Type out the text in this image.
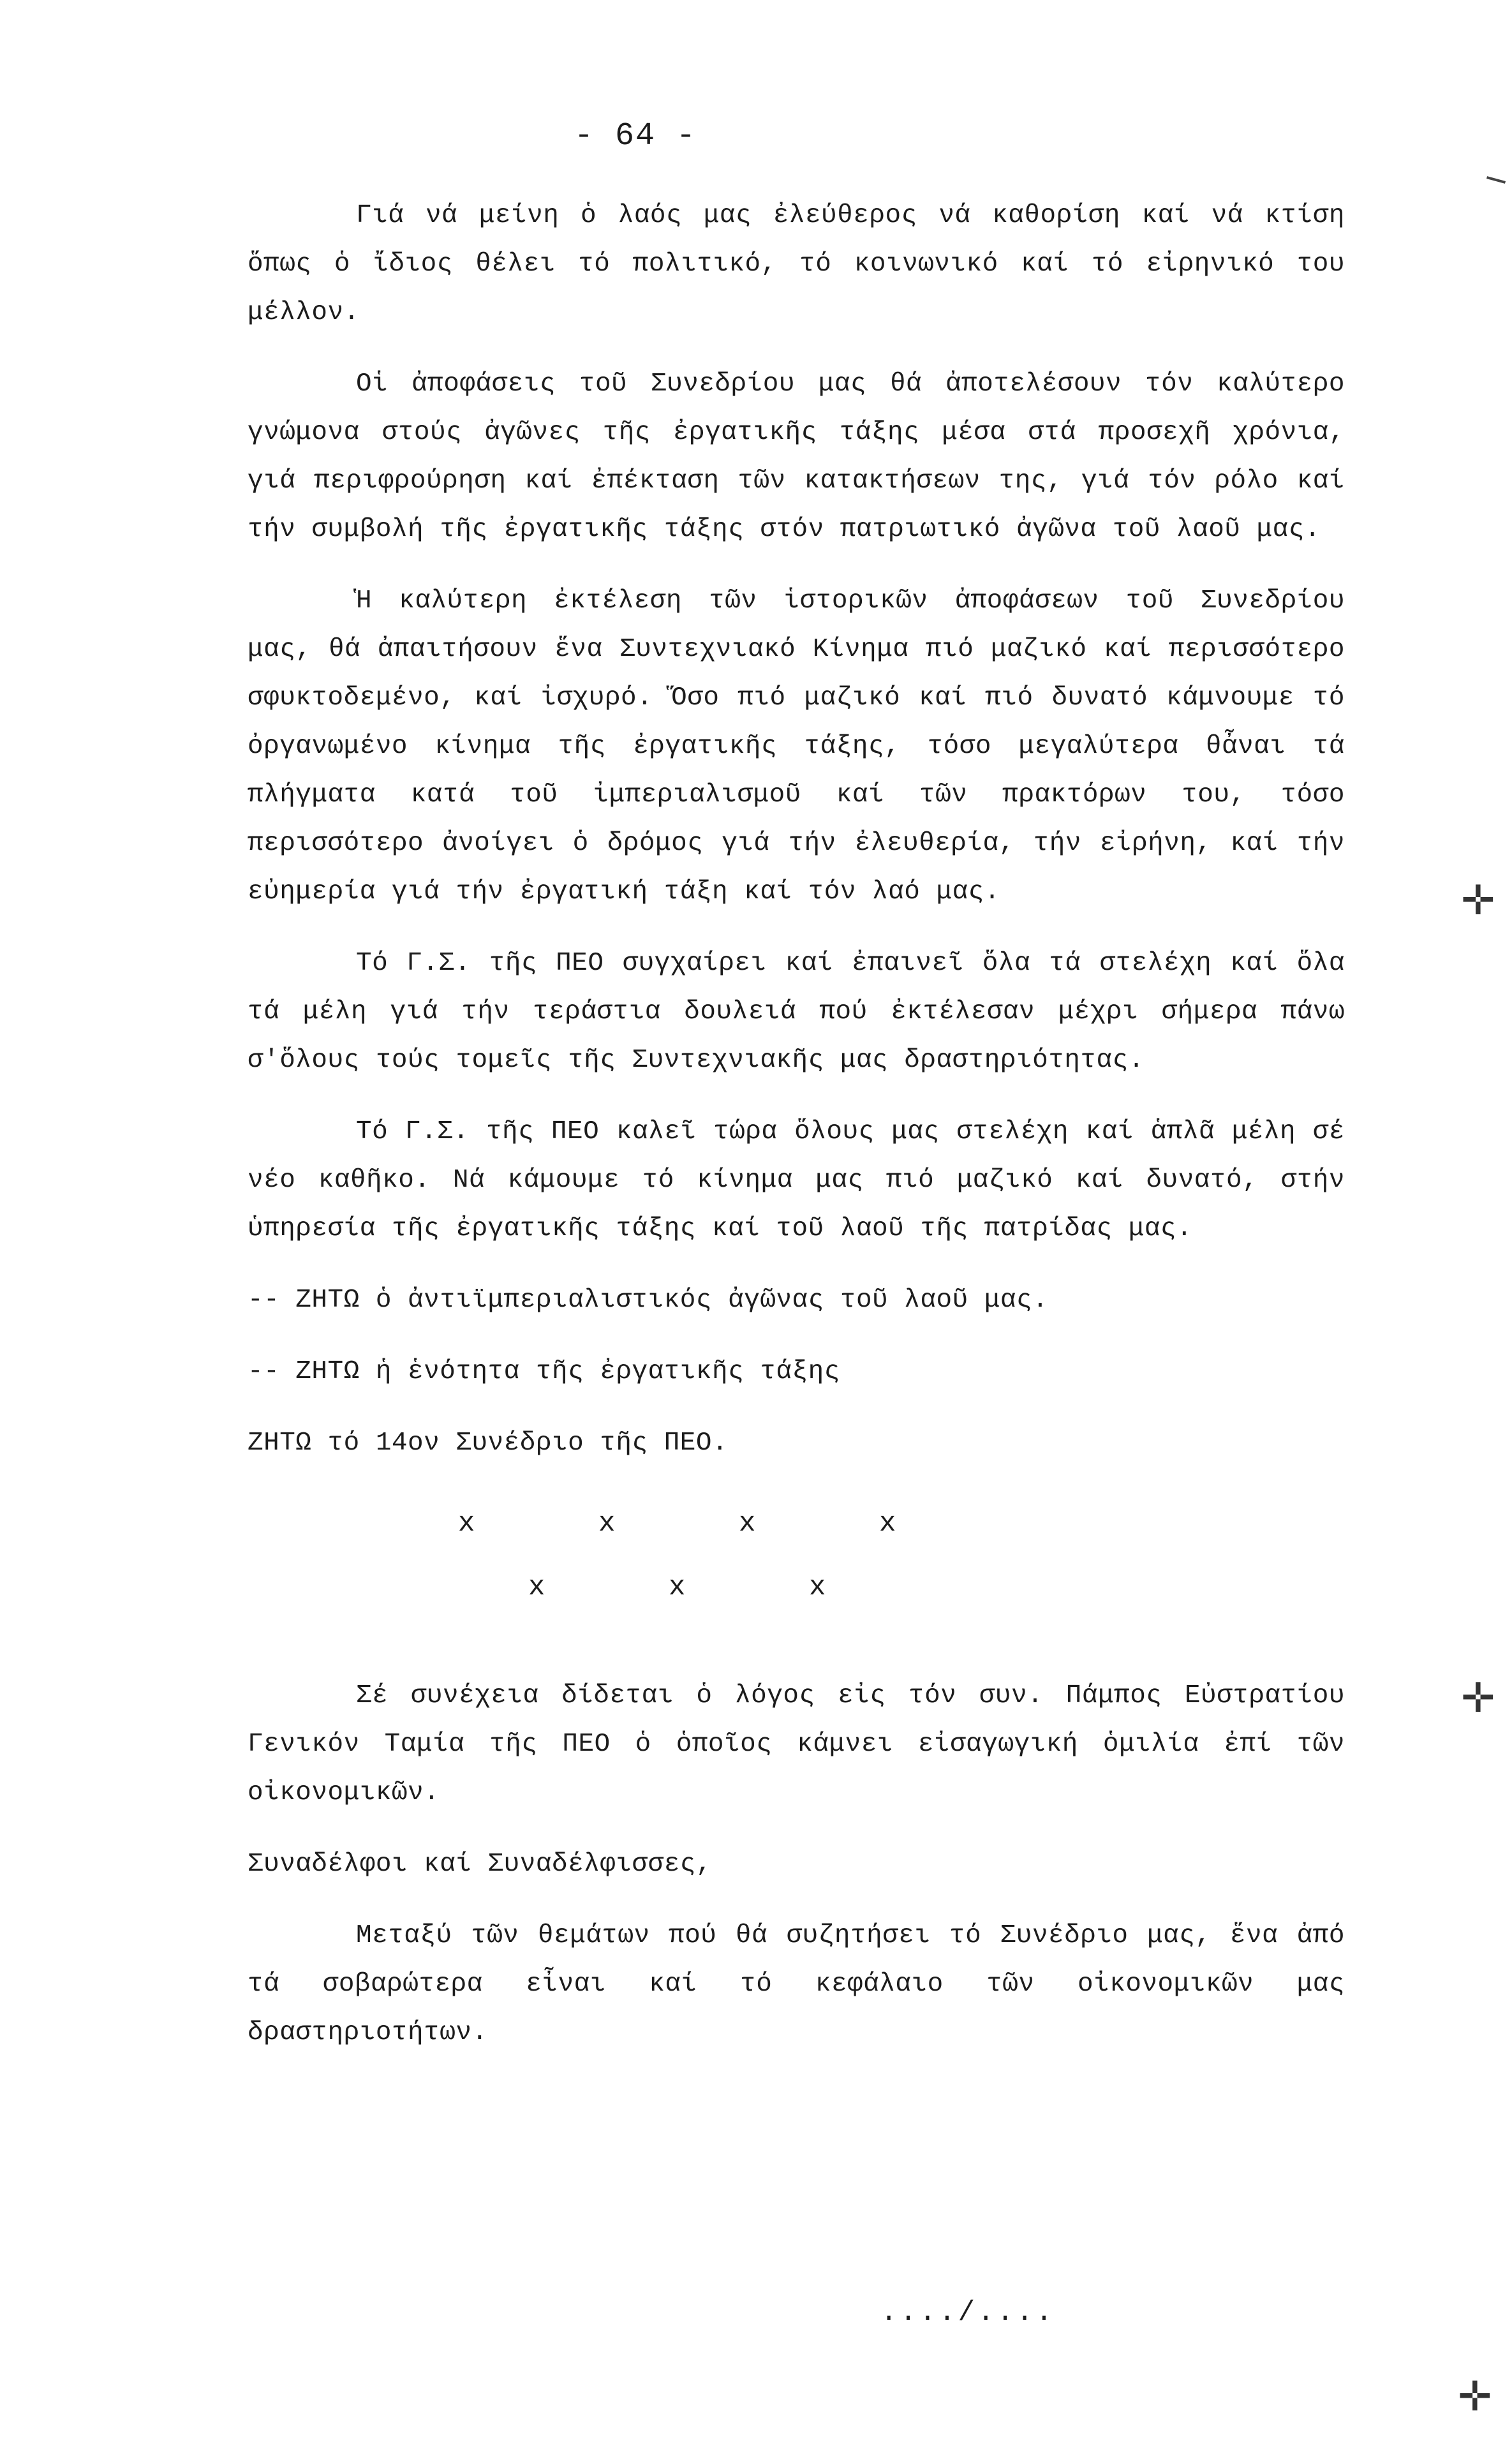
- 64 -

Γιά νά μείνη ὁ λαός μας ἐλεύθερος νά καθορίση καί νά κτίση ὅπως ὁ ἴδιος θέλει τό πολιτικό, τό κοινωνικό καί τό εἰρηνικό του μέλλον.

Οἱ ἀποφάσεις τοῦ Συνεδρίου μας θά ἀποτελέσουν τόν καλύτερο γνώμονα στούς ἀγῶνες τῆς ἐργατικῆς τάξης μέσα στά προσεχῆ χρόνια, γιά περιφρούρηση καί ἐπέκταση τῶν κατακτήσεων της, γιά τόν ρόλο καί τήν συμβολή τῆς ἐργατικῆς τάξης στόν πατριωτικό ἀγῶνα τοῦ λαοῦ μας.

Ἡ καλύτερη ἐκτέλεση τῶν ἱστορικῶν ἀποφάσεων τοῦ Συνεδρίου μας, θά ἀπαιτήσουν ἕνα Συντεχνιακό Κίνημα πιό μαζικό καί περισσότερο σφυκτοδεμένο, καί ἰσχυρό. Ὅσο πιό μαζικό καί πιό δυνατό κάμνουμε τό ὀργανωμένο κίνημα τῆς ἐργατικῆς τάξης, τόσο μεγαλύτερα θἆναι τά πλήγματα κατά τοῦ ἰμπεριαλισμοῦ καί τῶν πρακτόρων του, τόσο περισσότερο ἀνοίγει ὁ δρόμος γιά τήν ἐλευθερία, τήν εἰρήνη, καί τήν εὐημερία γιά τήν ἐργατική τάξη καί τόν λαό μας.

Τό Γ.Σ. τῆς ΠΕΟ συγχαίρει καί ἐπαινεῖ ὅλα τά στελέχη καί ὅλα τά μέλη γιά τήν τεράστια δουλειά πού ἐκτέλεσαν μέχρι σήμερα πάνω σ'ὅλους τούς τομεῖς τῆς Συντεχνιακῆς μας δραστηριότητας.

Τό Γ.Σ. τῆς ΠΕΟ καλεῖ τώρα ὅλους μας στελέχη καί ἁπλᾶ μέλη σέ νέο καθῆκο. Νά κάμουμε τό κίνημα μας πιό μαζικό καί δυνατό, στήν ὑπηρεσία τῆς ἐργατικῆς τάξης καί τοῦ λαοῦ τῆς πατρίδας μας.

-- ΖΗΤΩ ὁ ἀντιϊμπεριαλιστικός ἀγῶνας τοῦ λαοῦ μας.
-- ΖΗΤΩ ἡ ἑνότητα τῆς ἐργατικῆς τάξης
ΖΗΤΩ τό 14ον Συνέδριο τῆς ΠΕΟ.
x	x	x	x
x	x	x

Σέ συνέχεια δίδεται ὁ λόγος εἰς τόν συν. Πάμπος Εὐστρατίου Γενικόν Ταμία τῆς ΠΕΟ ὁ ὁποῖος κάμνει εἰσαγωγική ὁμιλία ἐπί τῶν οἰκονομικῶν.

Συναδέλφοι καί Συναδέλφισσες,

Μεταξύ τῶν θεμάτων πού θά συζητήσει τό Συνέδριο μας, ἕνα ἀπό τά σοβαρώτερα εἶναι καί τό κεφάλαιο τῶν οἰκονομικῶν μας δραστηριοτήτων.

..../....
✛
✛
✛
